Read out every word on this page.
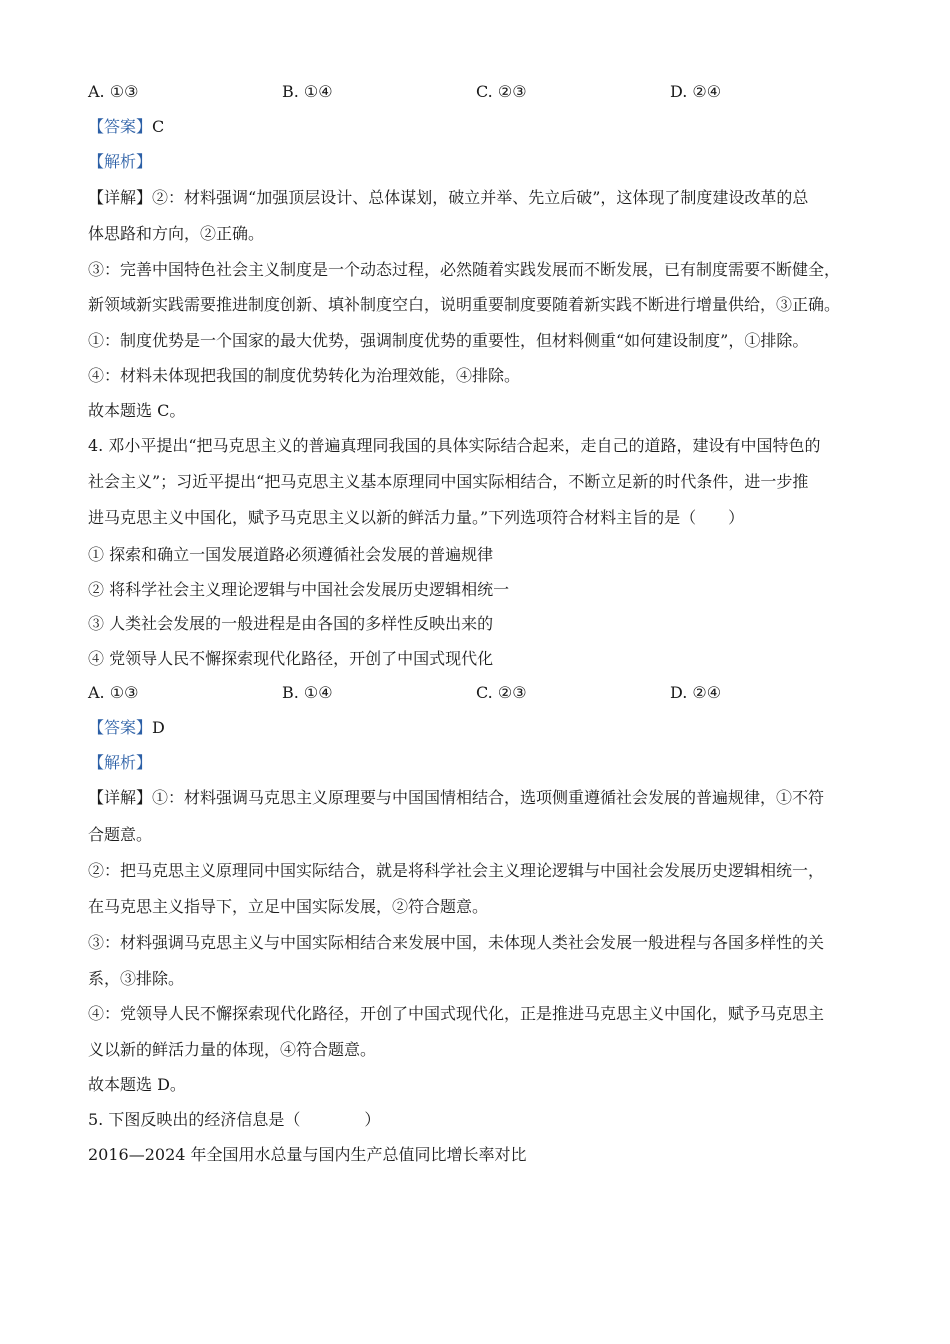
A. ①③	B. ①④	C. ②③	D. ②④
【答案】C
【解析】
【详解】②：材料强调“加强顶层设计、总体谋划，破立并举、先立后破”，这体现了制度建设改革的总
体思路和方向，②正确。
③：完善中国特色社会主义制度是一个动态过程，必然随着实践发展而不断发展，已有制度需要不断健全，
新领域新实践需要推进制度创新、填补制度空白，说明重要制度要随着新实践不断进行增量供给，③正确。
①：制度优势是一个国家的最大优势，强调制度优势的重要性，但材料侧重“如何建设制度”，①排除。
④：材料未体现把我国的制度优势转化为治理效能，④排除。
故本题选 C。
4. 邓小平提出“把马克思主义的普遍真理同我国的具体实际结合起来，走自己的道路，建设有中国特色的
社会主义”；习近平提出“把马克思主义基本原理同中国实际相结合，不断立足新的时代条件，进一步推
进马克思主义中国化，赋予马克思主义以新的鲜活力量。”下列选项符合材料主旨的是（　　）
① 探索和确立一国发展道路必须遵循社会发展的普遍规律
② 将科学社会主义理论逻辑与中国社会发展历史逻辑相统一
③ 人类社会发展的一般进程是由各国的多样性反映出来的
④ 党领导人民不懈探索现代化路径，开创了中国式现代化
A. ①③	B. ①④	C. ②③	D. ②④
【答案】D
【解析】
【详解】①：材料强调马克思主义原理要与中国国情相结合，选项侧重遵循社会发展的普遍规律，①不符
合题意。
②：把马克思主义原理同中国实际结合，就是将科学社会主义理论逻辑与中国社会发展历史逻辑相统一，
在马克思主义指导下，立足中国实际发展，②符合题意。
③：材料强调马克思主义与中国实际相结合来发展中国，未体现人类社会发展一般进程与各国多样性的关
系，③排除。
④：党领导人民不懈探索现代化路径，开创了中国式现代化，正是推进马克思主义中国化，赋予马克思主
义以新的鲜活力量的体现，④符合题意。
故本题选 D。
5. 下图反映出的经济信息是（　　　　）
2016—2024 年全国用水总量与国内生产总值同比增长率对比
